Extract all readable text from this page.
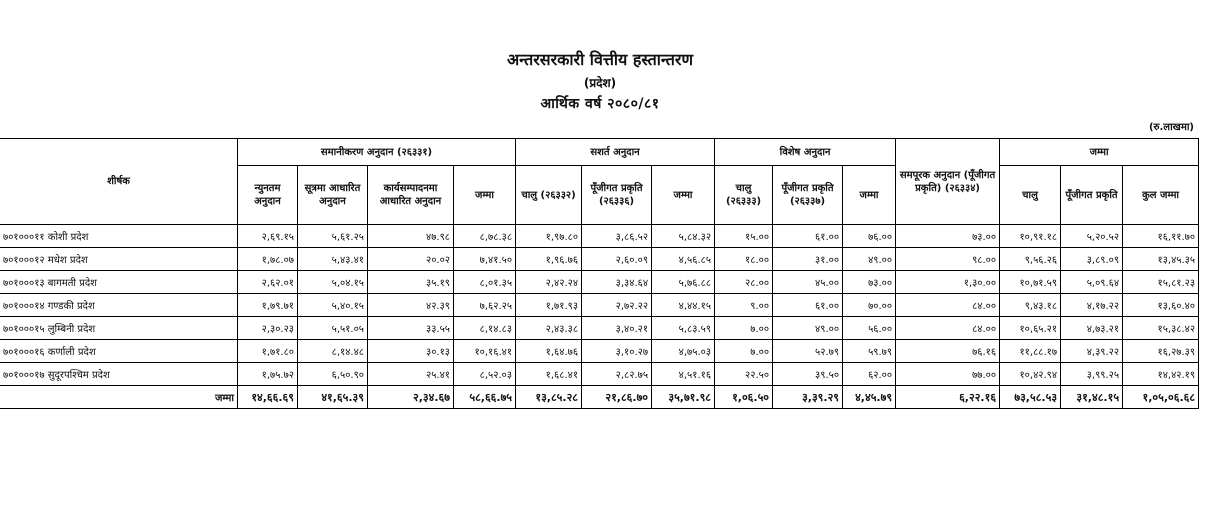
अन्तरसरकारी वित्तीय हस्तान्तरण
(प्रदेश)
आर्थिक वर्ष २०८०/८१
(रु.लाखमा)
शीर्षक	समानीकरण अनुदान (२६३३१)				सशर्त अनुदान			विशेष अनुदान			समपूरक अनुदान (पूँजीगत प्रकृति) (२६३३४)	जम्मा		
	न्युनतम अनुदान	सूत्रमा आधारित अनुदान	कार्यसम्पादनमा आधारित अनुदान	जम्मा	चालु (२६३३२)	पूँजीगत प्रकृति (२६३३६)	जम्मा	चालु (२६३३३)	पूँजीगत प्रकृति (२६३३७)	जम्मा		चालु	पूँजीगत प्रकृति	कुल जम्मा
७०१०००११ कोशी प्रदेश	२,६९.१५	५,६१.२५	४७.९८	८,७८.३८	१,९७.८०	३,८६.५२	५,८४.३२	१५.००	६१.००	७६.००	७३.००	१०,९१.१८	५,२०.५२	१६,११.७०
७०१०००१२ मधेश प्रदेश	१,७८.०७	५,४३.४१	२०.०२	७,४१.५०	१,९६.७६	२,६०.०९	४,५६.८५	१८.००	३१.००	४९.००	९८.००	९,५६.२६	३,८९.०९	१३,४५.३५
७०१०००१३ बागमती प्रदेश	२,६२.०१	५,०४.१५	३५.१९	८,०१.३५	२,४२.२४	३,३४.६४	५,७६.८८	२८.००	४५.००	७३.००	१,३०.००	१०,७१.५९	५,०९.६४	१५,८१.२३
७०१०००१४ गण्डकी प्रदेश	१,७९.७१	५,४०.१५	४२.३९	७,६२.२५	१,७१.९३	२,७२.२२	४,४४.१५	९.००	६१.००	७०.००	८४.००	९,४३.१८	४,१७.२२	१३,६०.४०
७०१०००१५ लुम्बिनी प्रदेश	२,३०.२३	५,५१.०५	३३.५५	८,१४.८३	२,४३.३८	३,४०.२१	५,८३.५९	७.००	४९.००	५६.००	८४.००	१०,६५.२१	४,७३.२१	१५,३८.४२
७०१०००१६ कर्णाली प्रदेश	१,७१.८०	८,१४.४८	३०.१३	१०,१६.४१	१,६४.७६	३,१०.२७	४,७५.०३	७.००	५२.७९	५९.७९	७६.१६	११,८८.१७	४,३९.२२	१६,२७.३९
७०१०००१७ सुदूरपश्चिम प्रदेश	१,७५.७२	६,५०.९०	२५.४१	८,५२.०३	१,६८.४१	२,८२.७५	४,५१.१६	२२.५०	३९.५०	६२.००	७७.००	१०,४२.९४	३,९९.२५	१४,४२.१९
जम्मा	१४,६६.६९	४१,६५.३९	२,३४.६७	५८,६६.७५	१३,८५.२८	२१,८६.७०	३५,७१.९८	१,०६.५०	३,३९.२९	४,४५.७९	६,२२.१६	७३,५८.५३	३१,४८.१५	१,०५,०६.६८
